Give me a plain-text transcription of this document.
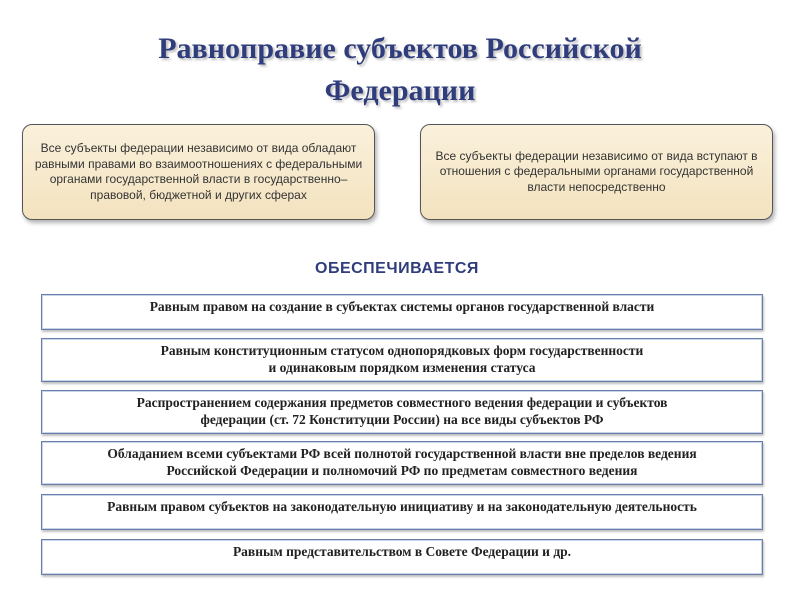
Равноправие субъектов Российской
Федерации
Все субъекты федерации независимо от вида обладают равными правами во взаимоотношениях с федеральными органами государственной власти в государственно–правовой, бюджетной и других сферах
Все субъекты федерации независимо от вида вступают в отношения с федеральными органами государственной власти непосредственно
ОБЕСПЕЧИВАЕТСЯ
Равным правом на создание в субъектах системы органов государственной власти
Равным конституционным статусом однопорядковых форм государственности
и одинаковым порядком изменения статуса
Распространением содержания предметов совместного ведения федерации и субъектов
федерации (ст. 72 Конституции России) на все виды субъектов РФ
Обладанием всеми субъектами РФ всей полнотой государственной власти вне пределов ведения
Российской Федерации и полномочий РФ по предметам совместного ведения
Равным правом субъектов на законодательную инициативу и на законодательную деятельность
Равным представительством в Совете Федерации и др.
